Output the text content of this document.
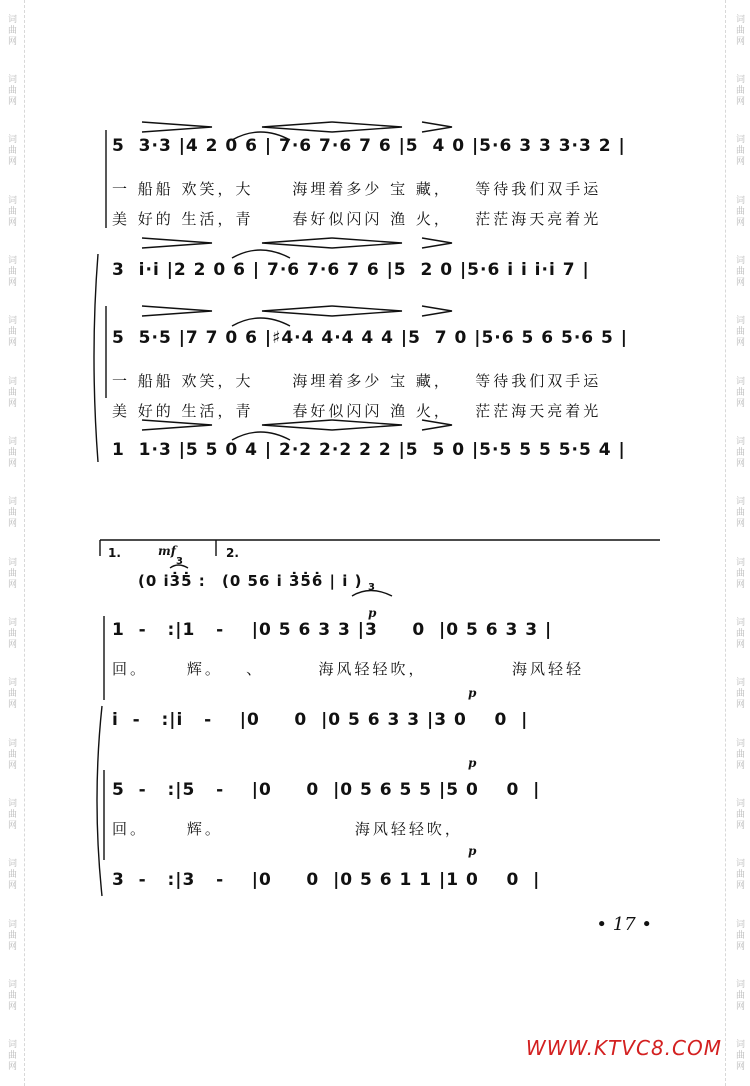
词曲网
词曲网
词曲网
词曲网
词曲网
词曲网
词曲网
词曲网
词曲网
词曲网
词曲网
词曲网
词曲网
词曲网
词曲网
词曲网
词曲网
词曲网
词曲网
词曲网
词曲网
词曲网
词曲网
词曲网
词曲网
词曲网
词曲网
词曲网
词曲网
词曲网
词曲网
词曲网
词曲网
词曲网
词曲网
词曲网
5  3·3 |4 2 0 6 | 7·6 7·6 7 6 |5  4 0 |5·6 3 3 3·3 2 |
一 船船 欢笑，大     海埋着多少 宝 藏，   等待我们双手运
美 好的 生活，青     春好似闪闪 渔 火，   茫茫海天亮着光
3  i·i |2 2 0 6 | 7·6 7·6 7 6 |5  2 0 |5·6 i i i·i 7 |
5  5·5 |7 7 0 6 |♯4·4 4·4 4 4 |5  7 0 |5·6 5 6 5·6 5 |
一 船船 欢笑，大     海埋着多少 宝 藏，   等待我们双手运
美 好的 生活，青     春好似闪闪 渔 火，   茫茫海天亮着光
1  1·3 |5 5 0 4 | 2·2 2·2 2 2 |5  5 0 |5·5 5 5 5·5 4 |
1.	mf	2.
(0 i3̇5̇ : (0 56 i 3̇5̇6̇ | i )
3
3
p
1  -   :|1   -    |0 5 6 3 3 |3     0  |0 5 6 3 3 |
回。     辉。   、       海风轻轻吹，           海风轻轻
p
i  -   :|i   -    |0     0  |0 5 6 3 3 |3 0    0  |
p
5  -   :|5   -    |0     0  |0 5 6 5 5 |5 0    0  |
回。     辉。                 海风轻轻吹，
p
3  -   :|3   -    |0     0  |0 5 6 1 1 |1 0    0  |
• 17 •
WWW.KTVC8.COM
